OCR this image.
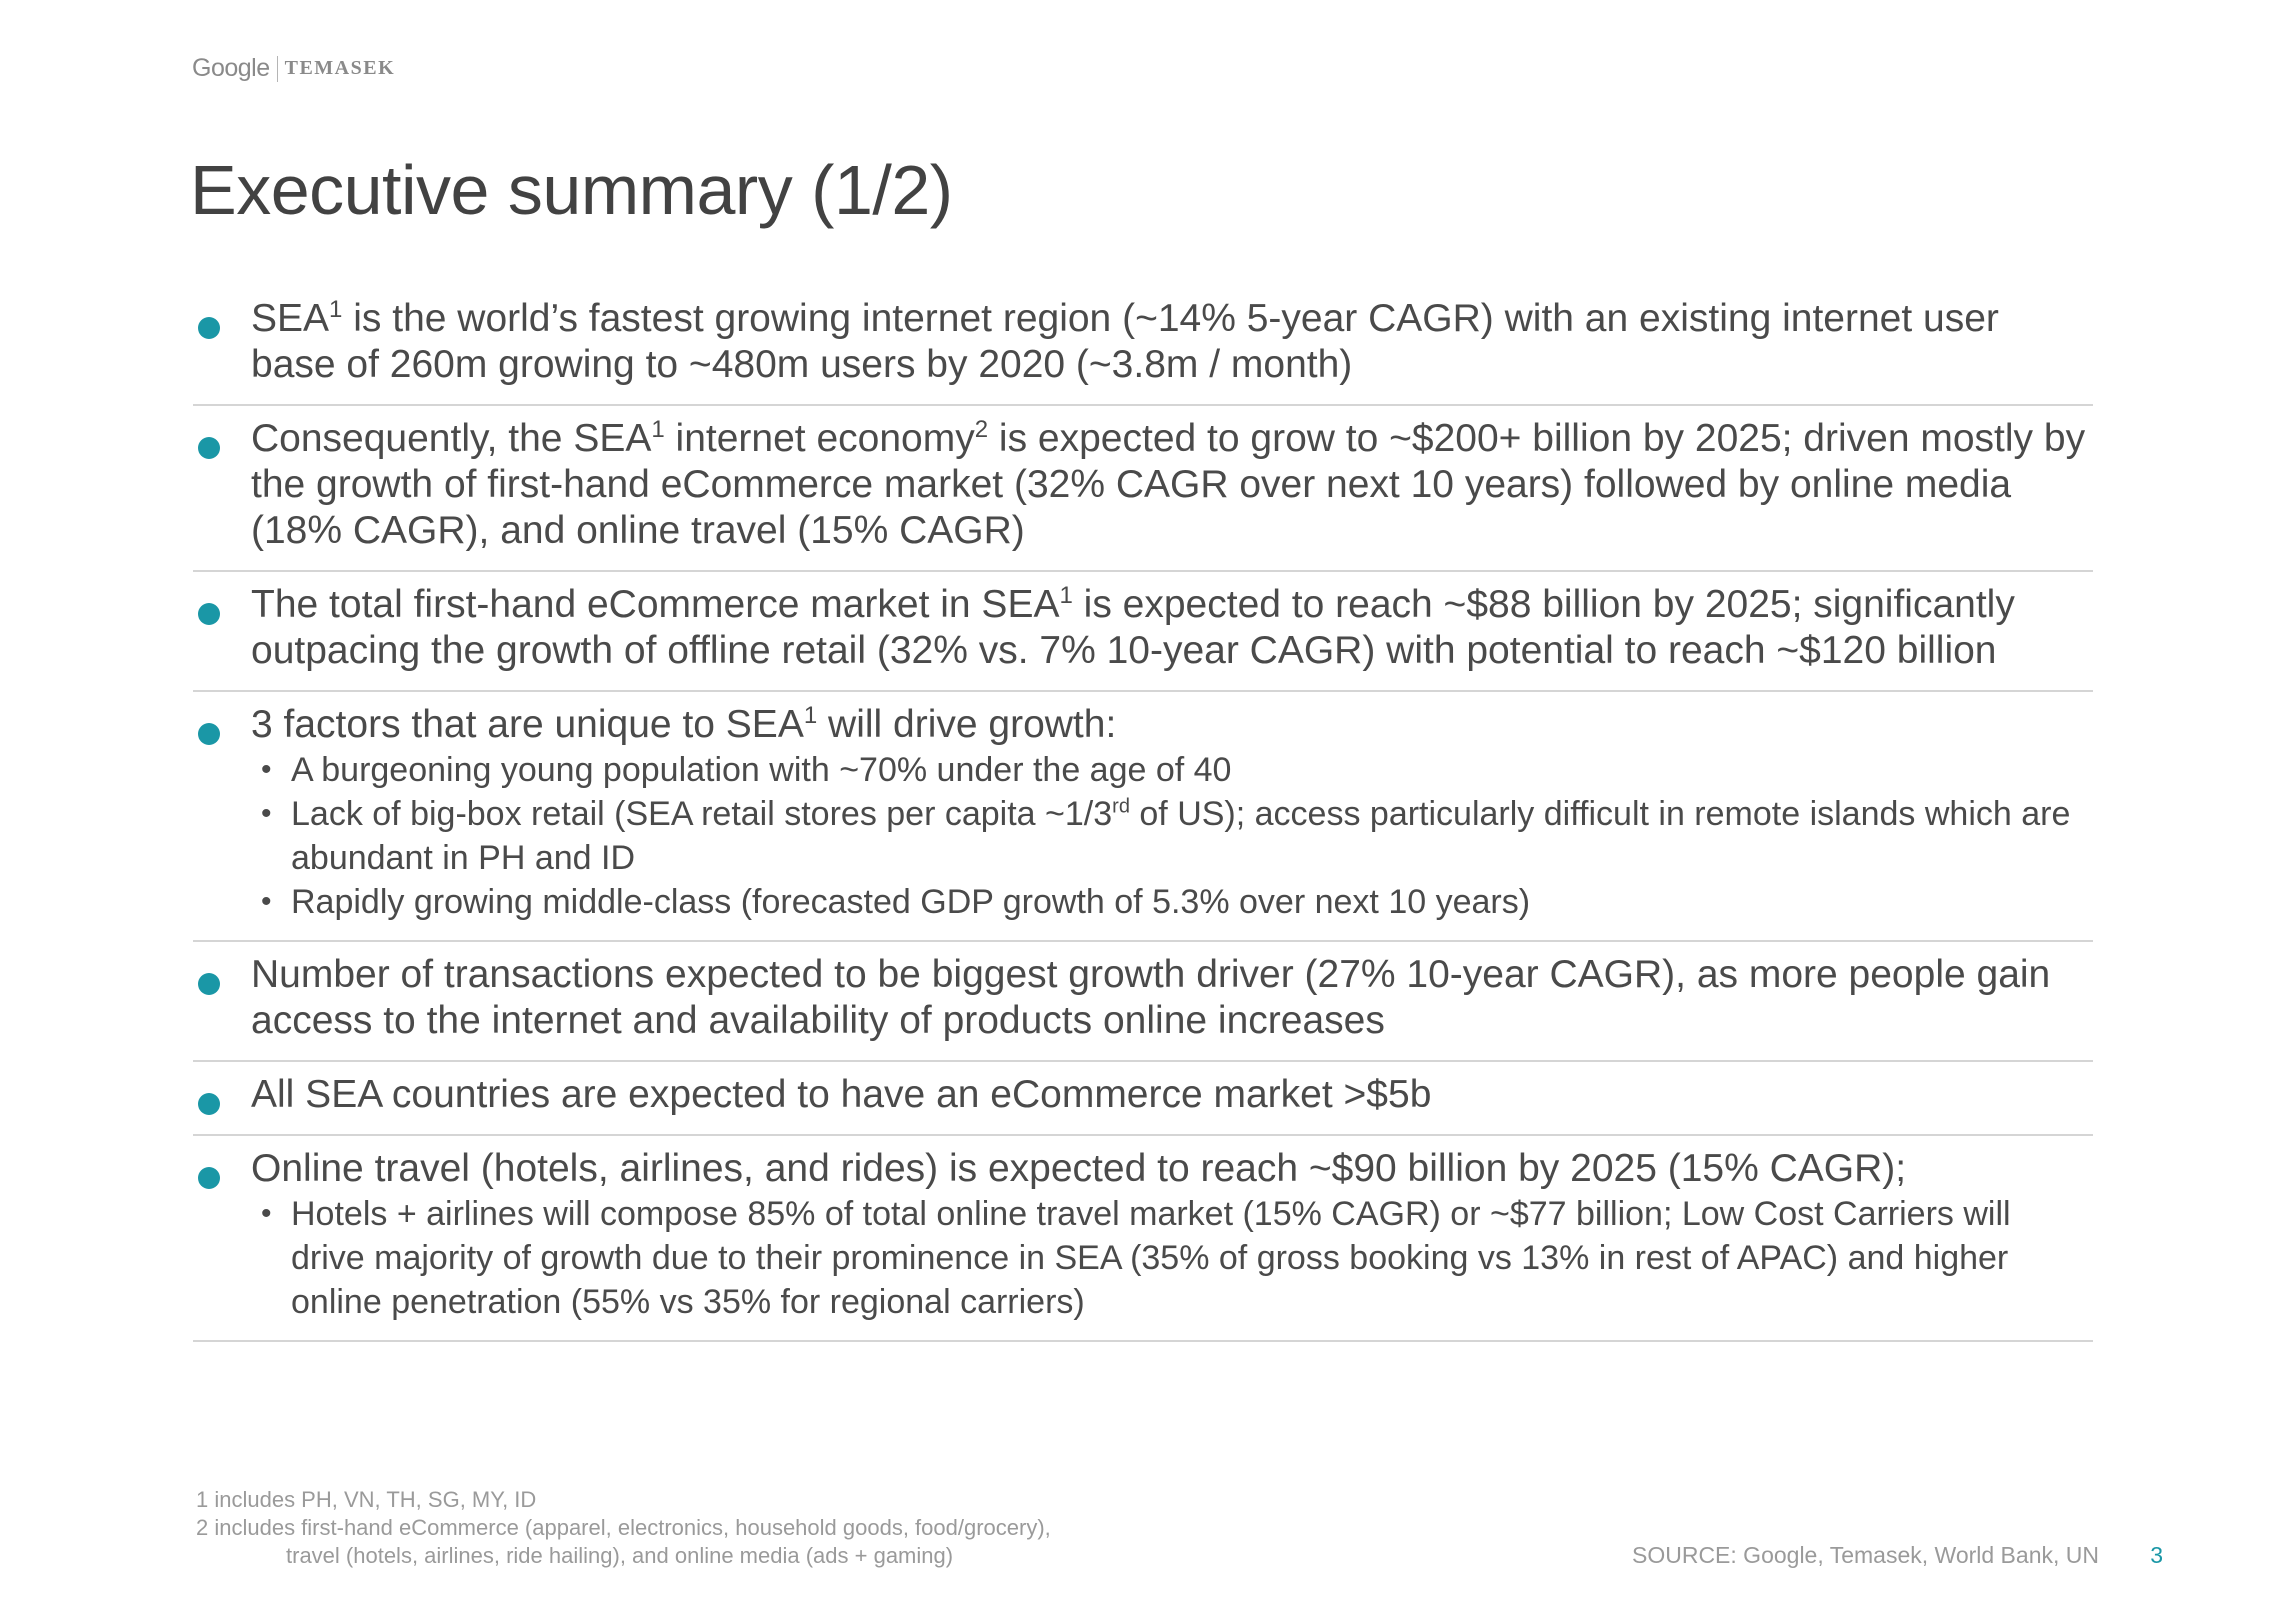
Google TEMASEK
Executive summary (1/2)
SEA$^1$ is the world’s fastest growing internet region (~14% 5-year CAGR) with an existing internet user base of 260m growing to ~480m users by 2020 (~3.8m / month)
Consequently, the SEA$^1$ internet economy$^2$ is expected to grow to ~$200+ billion by 2025; driven mostly by the growth of first-hand eCommerce market (32% CAGR over next 10 years) followed by online media (18% CAGR), and online travel (15% CAGR)
The total first-hand eCommerce market in SEA$^1$ is expected to reach ~$88 billion by 2025; significantly outpacing the growth of offline retail (32% vs. 7% 10-year CAGR) with potential to reach ~$120 billion
3 factors that are unique to SEA$^1$ will drive growth:
• A burgeoning young population with ~70% under the age of 40
• Lack of big-box retail (SEA retail stores per capita ~1/3rd of US); access particularly difficult in remote islands which are abundant in PH and ID
• Rapidly growing middle-class (forecasted GDP growth of 5.3% over next 10 years)
Number of transactions expected to be biggest growth driver (27% 10-year CAGR), as more people gain access to the internet and availability of products online increases
All SEA countries are expected to have an eCommerce market >$5b
Online travel (hotels, airlines, and rides) is expected to reach ~$90 billion by 2025 (15% CAGR);
• Hotels + airlines will compose 85% of total online travel market (15% CAGR) or ~$77 billion; Low Cost Carriers will drive majority of growth due to their prominence in SEA (35% of gross booking vs 13% in rest of APAC) and higher online penetration (55% vs 35% for regional carriers)
1 includes PH, VN, TH, SG, MY, ID
2 includes first-hand eCommerce (apparel, electronics, household goods, food/grocery),
travel (hotels, airlines, ride hailing), and online media (ads + gaming)	SOURCE: Google, Temasek, World Bank, UN 3
